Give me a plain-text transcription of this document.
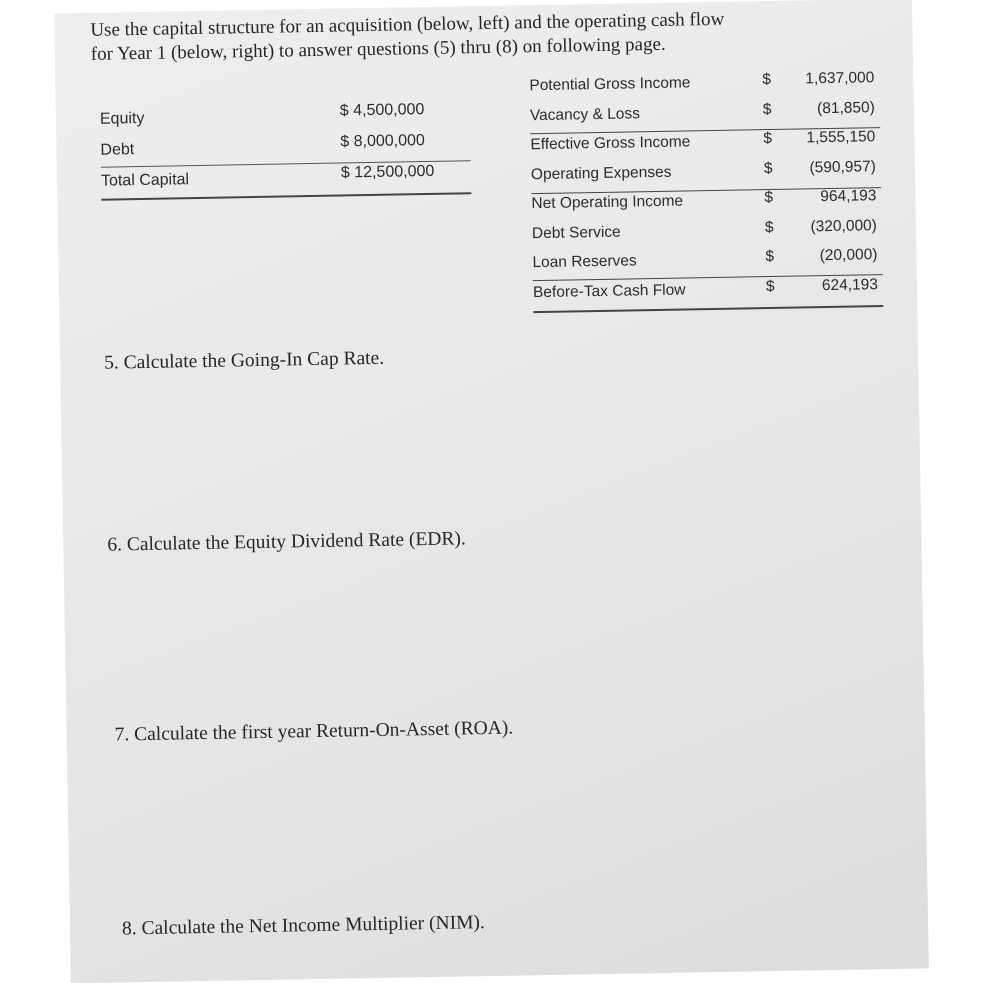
Use the capital structure for an acquisition (below, left) and the operating cash flow

for Year 1 (below, right) to answer questions (5) thru (8) on following page.

Equity	$ 4,500,000
Debt	$ 8,000,000
Total Capital	$ 12,500,000
Potential Gross Income	$	1,637,000
Vacancy & Loss	$	(81,850)
Effective Gross Income	$	1,555,150
Operating Expenses	$	(590,957)
Net Operating Income	$	964,193
Debt Service	$	(320,000)
Loan Reserves	$	(20,000)
Before-Tax Cash Flow	$	624,193
5. Calculate the Going-In Cap Rate.
6. Calculate the Equity Dividend Rate (EDR).
7. Calculate the first year Return-On-Asset (ROA).
8. Calculate the Net Income Multiplier (NIM).
